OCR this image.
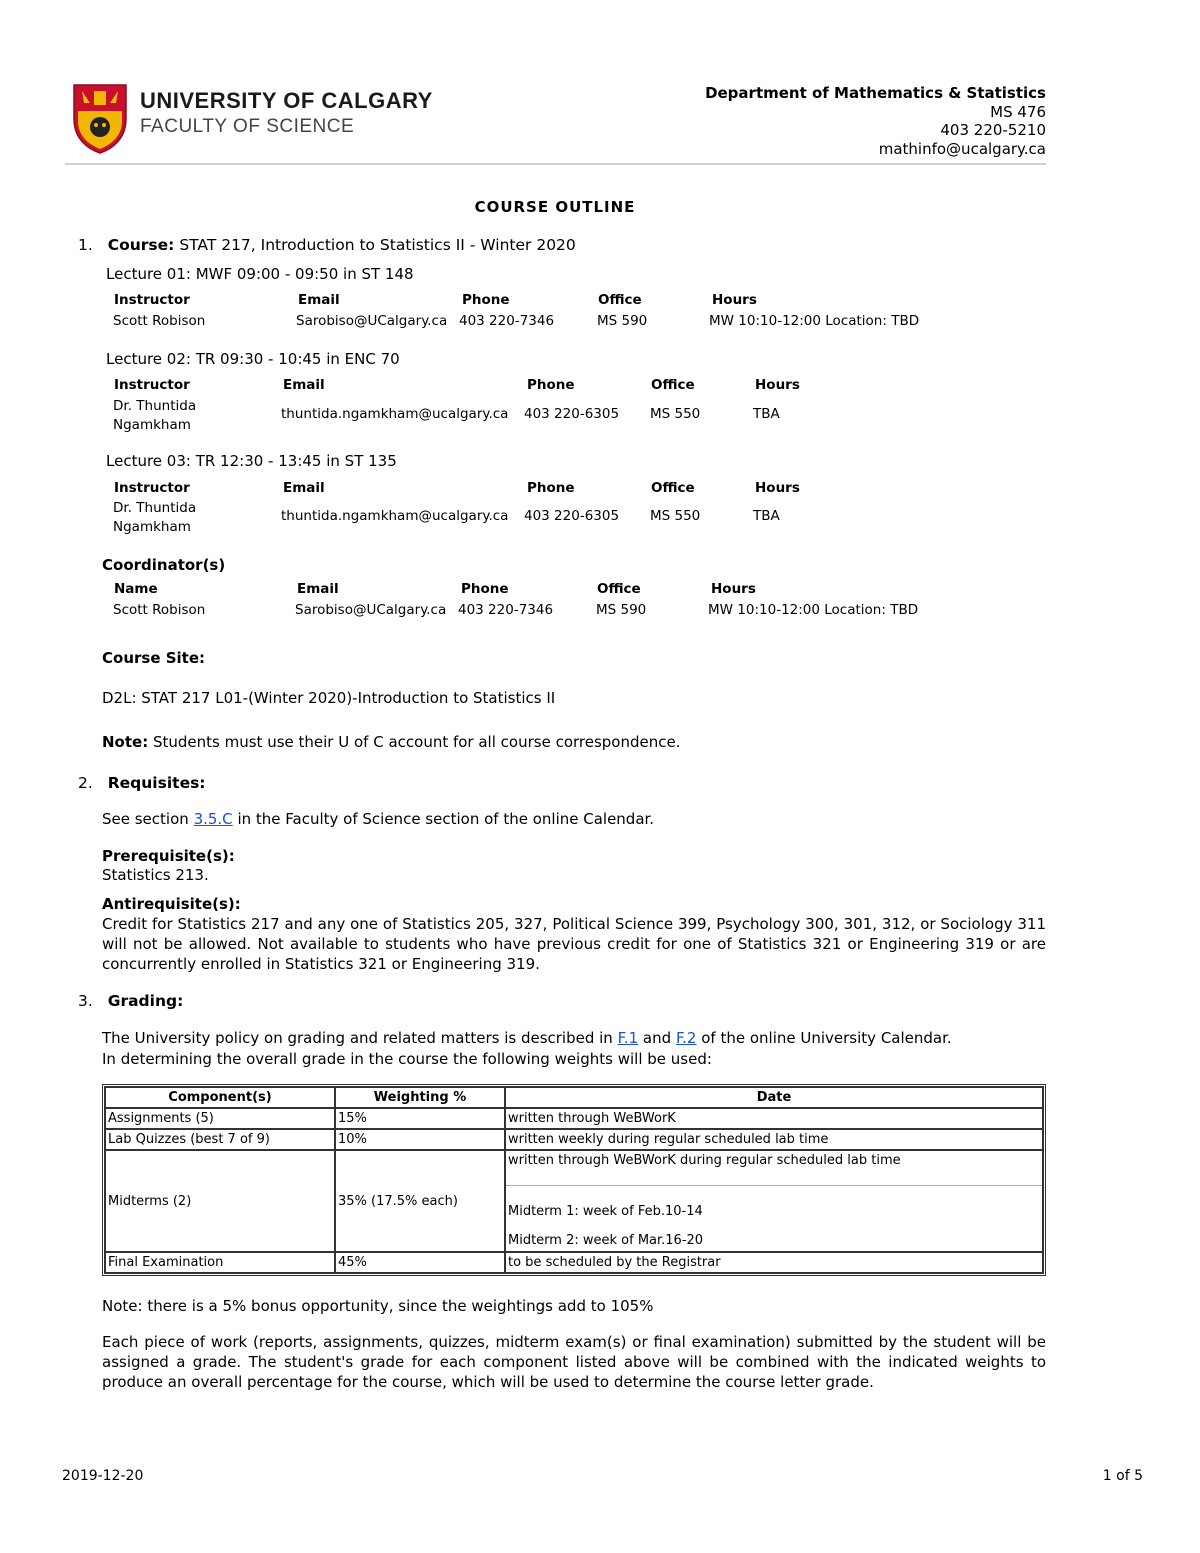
UNIVERSITY OF CALGARY
FACULTY OF SCIENCE
Department of Mathematics & Statistics
MS 476
403 220-5210
mathinfo@ucalgary.ca
COURSE OUTLINE
1. Course: STAT 217, Introduction to Statistics II - Winter 2020
Lecture 01: MWF 09:00 - 09:50 in ST 148
Instructor	Email	Phone	Office	Hours
Scott Robison	Sarobiso@UCalgary.ca 403 220-7346	MS 590	MW 10:10-12:00 Location: TBD
Lecture 02: TR 09:30 - 10:45 in ENC 70
Instructor	Email	Phone	Office	Hours
Dr. Thuntida
Ngamkham
thuntida.ngamkham@ucalgary.ca 403 220-6305 MS 550	TBA
Lecture 03: TR 12:30 - 13:45 in ST 135
Instructor	Email	Phone	Office	Hours
Dr. Thuntida
Ngamkham
thuntida.ngamkham@ucalgary.ca 403 220-6305 MS 550	TBA
Coordinator(s)
Name	Email	Phone	Office	Hours
Scott Robison	Sarobiso@UCalgary.ca 403 220-7346	MS 590	MW 10:10-12:00 Location: TBD
Course Site:
D2L: STAT 217 L01-(Winter 2020)-Introduction to Statistics II
Note: Students must use their U of C account for all course correspondence.
2. Requisites:
See section 3.5.C in the Faculty of Science section of the online Calendar.
Prerequisite(s):
Statistics 213.
Antirequisite(s):
Credit for Statistics 217 and any one of Statistics 205, 327, Political Science 399, Psychology 300, 301, 312, or Sociology 311 will not be allowed. Not available to students who have previous credit for one of Statistics 321 or Engineering 319 or are concurrently enrolled in Statistics 321 or Engineering 319.
3. Grading:
The University policy on grading and related matters is described in F.1 and F.2 of the online University Calendar.
In determining the overall grade in the course the following weights will be used:
Component(s)	Weighting %	Date
Assignments (5)	15%	written through WeBWorK
Lab Quizzes (best 7 of 9)	10%	written weekly during regular scheduled lab time
Midterms (2)	35% (17.5% each)	written through WeBWorK during regular scheduled lab time
Midterm 1: week of Feb.10-14
Midterm 2: week of Mar.16-20

Final Examination	45%	to be scheduled by the Registrar
Note: there is a 5% bonus opportunity, since the weightings add to 105%
Each piece of work (reports, assignments, quizzes, midterm exam(s) or final examination) submitted by the student will be assigned a grade. The student's grade for each component listed above will be combined with the indicated weights to produce an overall percentage for the course, which will be used to determine the course letter grade.
2019-12-20	1 of 5
